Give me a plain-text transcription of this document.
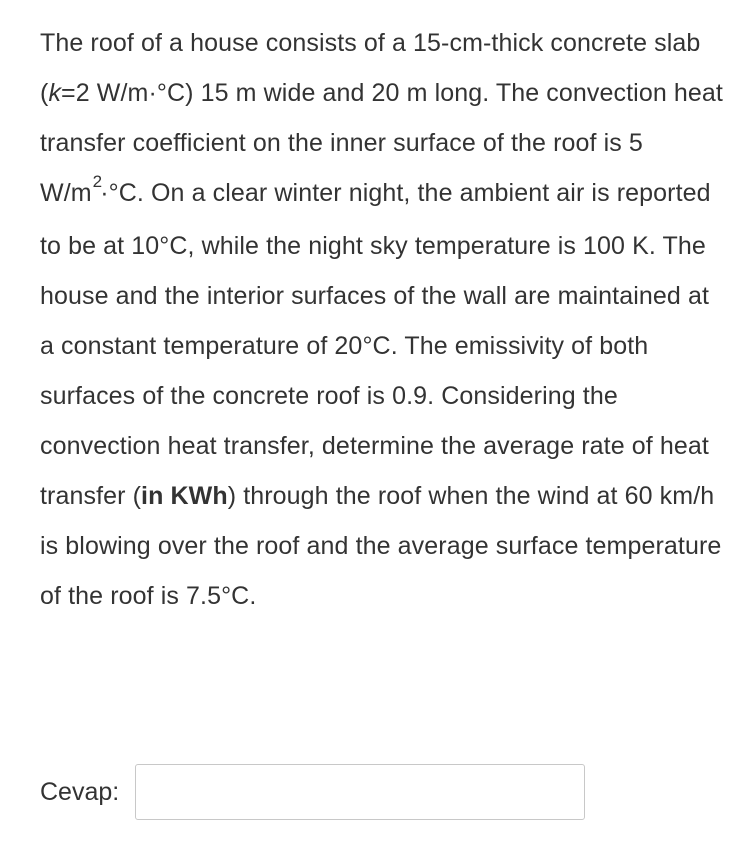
The roof of a house consists of a 15-cm-thick concrete slab (k=2 W/m·°C) 15 m wide and 20 m long. The convection heat transfer coefficient on the inner surface of the roof is 5 $W/m^2\cdot^\circ C$. On a clear winter night, the ambient air is reported to be at 10°C, while the night sky temperature is 100 K. The house and the interior surfaces of the wall are maintained at a constant temperature of 20°C. The emissivity of both surfaces of the concrete roof is 0.9. Considering the convection heat transfer, determine the average rate of heat transfer (in KWh) through the roof when the wind at 60 km/h is blowing over the roof and the average surface temperature of the roof is 7.5°C.
Cevap:
